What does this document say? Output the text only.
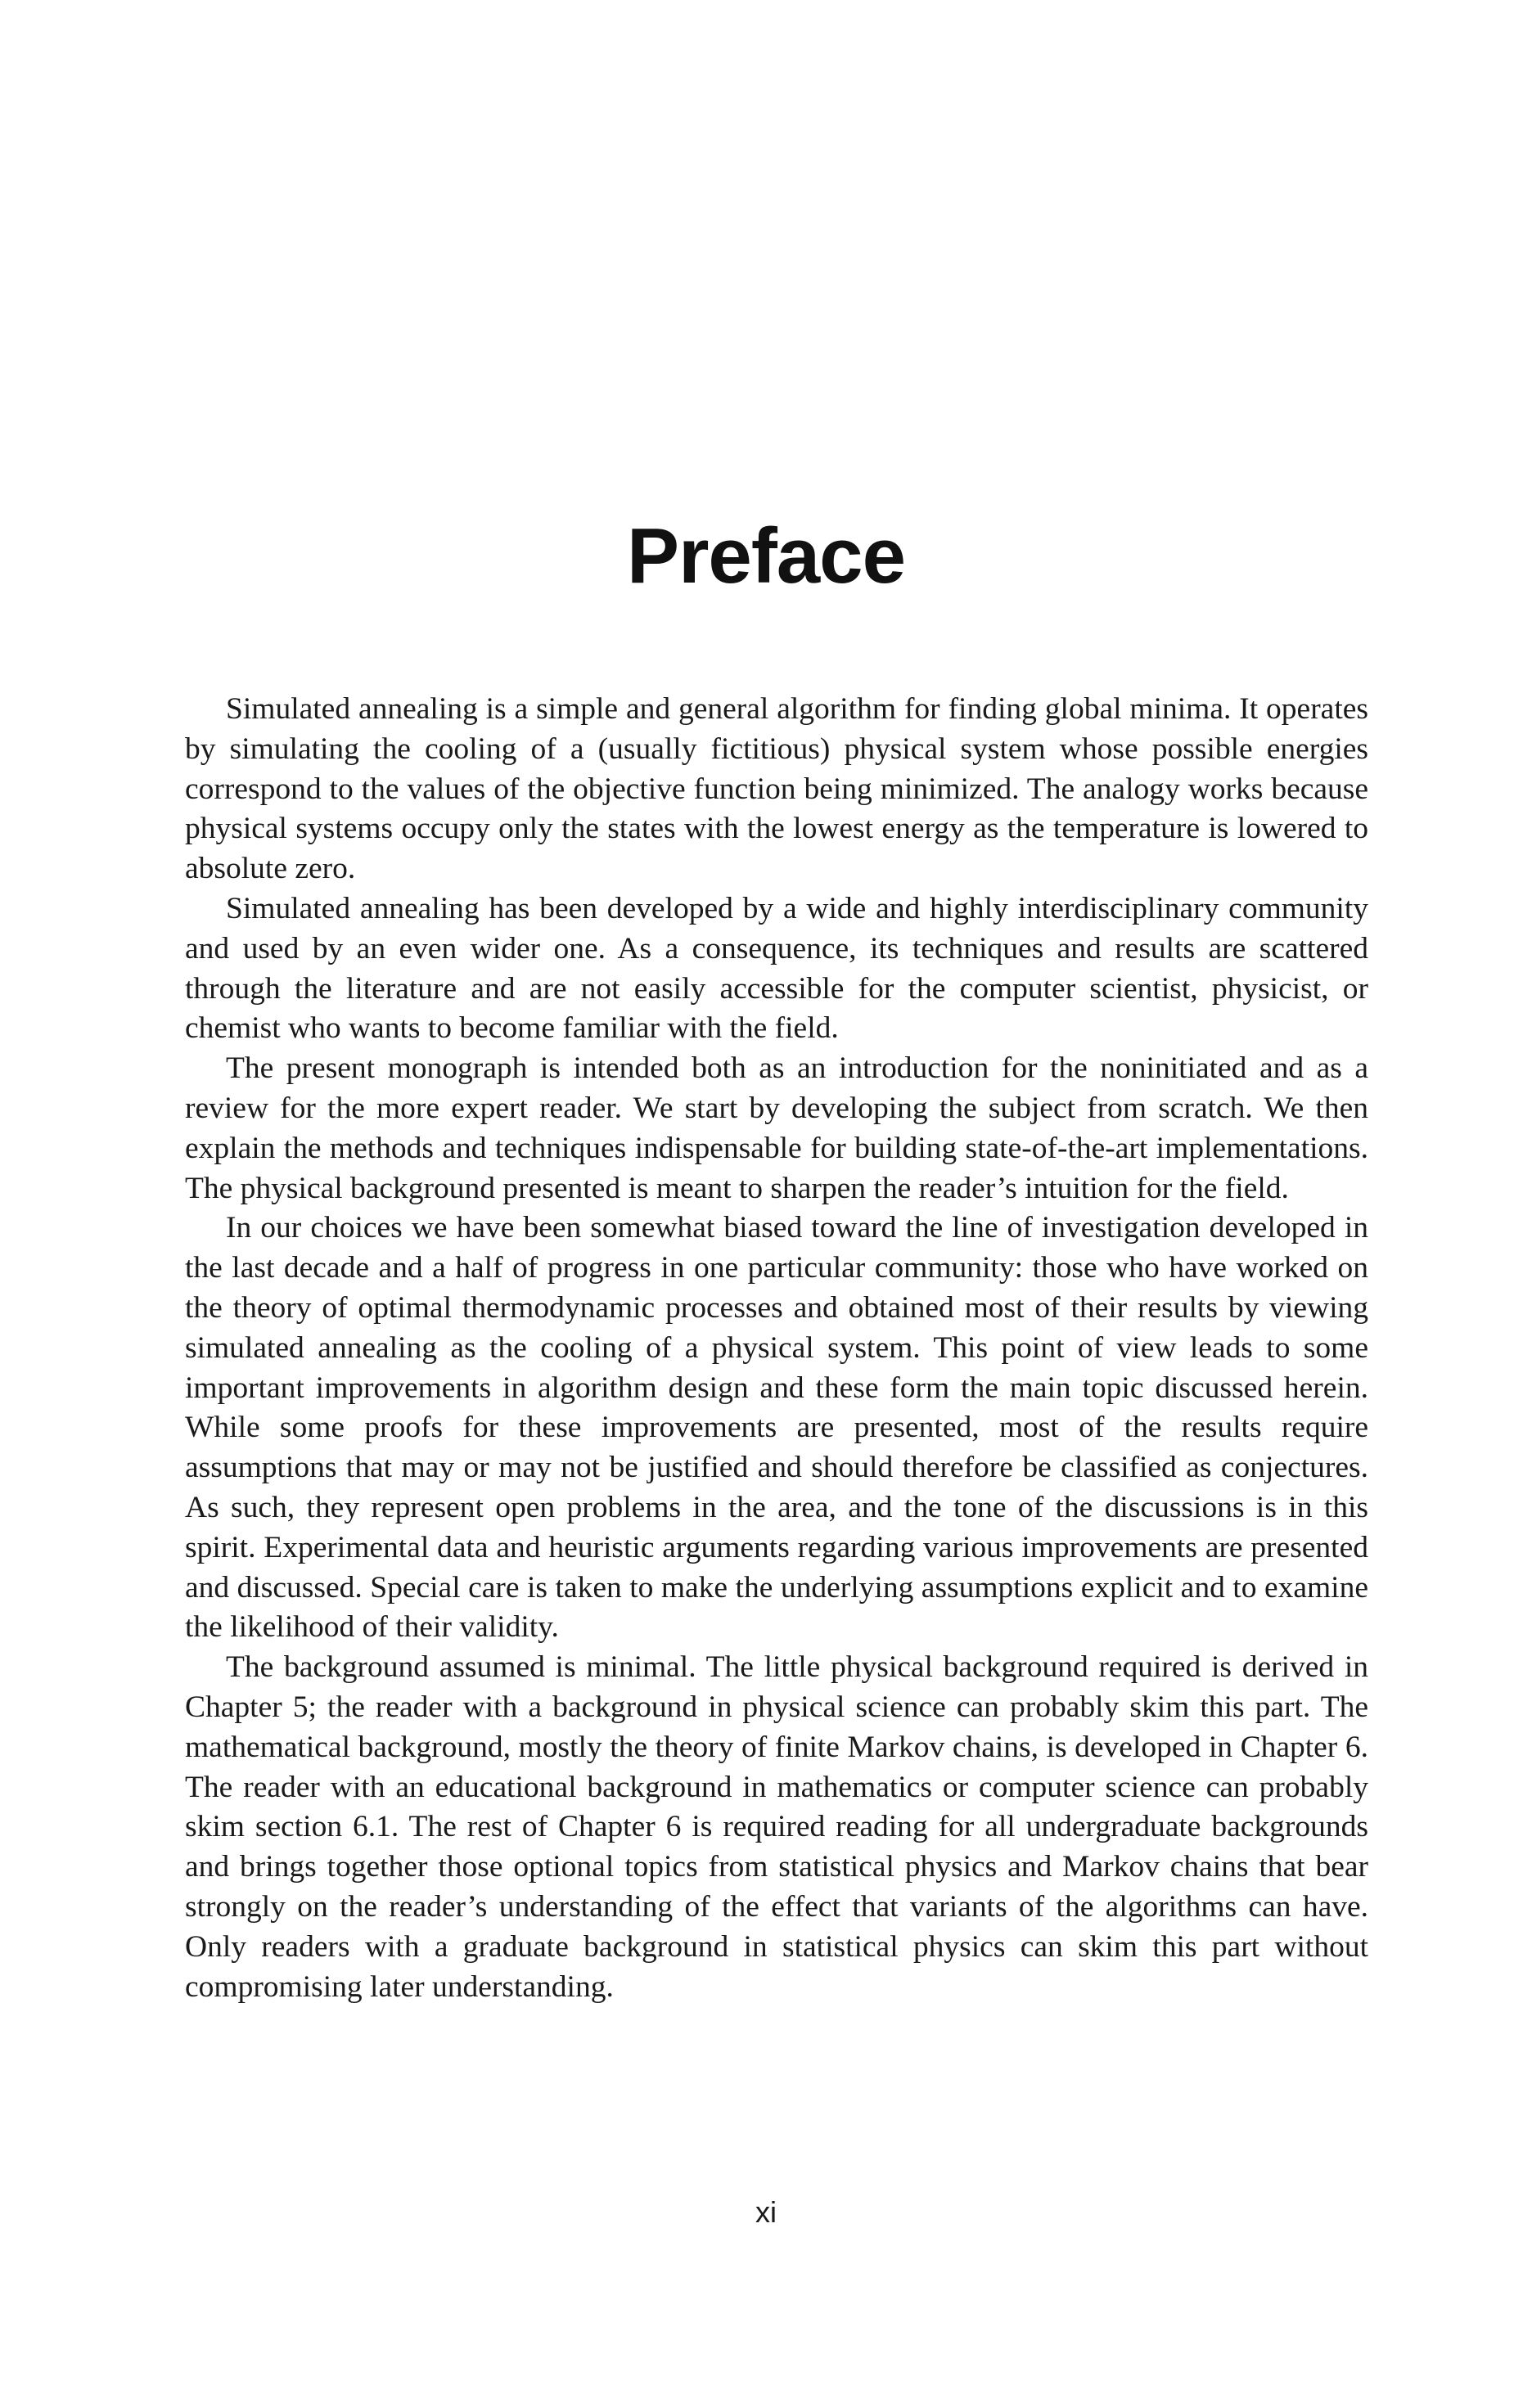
Preface

Simulated annealing is a simple and general algorithm for finding global minima. It operates by simulating the cooling of a (usually fictitious) physical system whose possible energies correspond to the values of the objective function being minimized. The analogy works because physical systems occupy only the states with the lowest energy as the temperature is lowered to absolute zero.

Simulated annealing has been developed by a wide and highly interdisciplinary community and used by an even wider one. As a consequence, its techniques and results are scattered through the literature and are not easily accessible for the computer scientist, physicist, or chemist who wants to become familiar with the field.

The present monograph is intended both as an introduction for the noninitiated and as a review for the more expert reader. We start by developing the subject from scratch. We then explain the methods and techniques indispensable for building state-of-the-art implementations. The physical background presented is meant to sharpen the reader’s intuition for the field.

In our choices we have been somewhat biased toward the line of investigation developed in the last decade and a half of progress in one particular community: those who have worked on the theory of optimal thermodynamic processes and obtained most of their results by viewing simulated annealing as the cooling of a physical system. This point of view leads to some important improvements in algorithm design and these form the main topic discussed herein. While some proofs for these improvements are presented, most of the results require assumptions that may or may not be justified and should therefore be classified as conjectures. As such, they represent open problems in the area, and the tone of the discussions is in this spirit. Experimental data and heuristic arguments regarding various improvements are presented and discussed. Special care is taken to make the underlying assumptions explicit and to examine the likelihood of their validity.

The background assumed is minimal. The little physical background required is derived in Chapter 5; the reader with a background in physical science can probably skim this part. The mathematical background, mostly the theory of finite Markov chains, is developed in Chapter 6. The reader with an educational background in mathematics or computer science can probably skim section 6.1. The rest of Chapter 6 is required reading for all undergraduate backgrounds and brings together those optional topics from statistical physics and Markov chains that bear strongly on the reader’s understanding of the effect that variants of the algorithms can have. Only readers with a graduate background in statistical physics can skim this part without compromising later understanding.

xi
